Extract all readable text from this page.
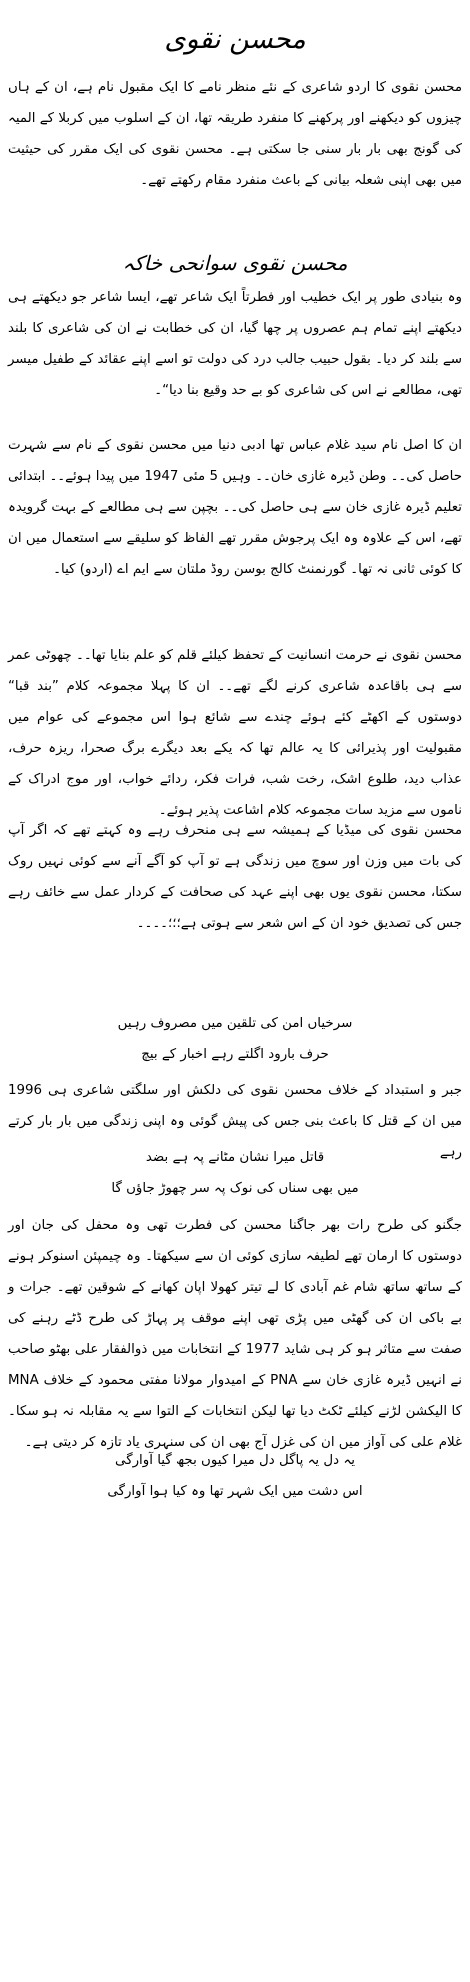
محسن نقوی

محسن نقوی کا اردو شاعری کے نئے منظر نامے کا ایک مقبول نام ہے، ان کے ہاں چیزوں کو دیکھنے اور پرکھنے کا منفرد طریقہ تھا، ان کے اسلوب میں کربلا کے المیہ کی گونج بھی بار بار سنی جا سکتی ہے۔ محسن نقوی کی ایک مقرر کی حیثیت میں بھی اپنی شعلہ بیانی کے باعث منفرد مقام رکھتے تھے۔

محسن نقوی سوانحی خاکہ

وہ بنیادی طور پر ایک خطیب اور فطرتاً ایک شاعر تھے، ایسا شاعر جو دیکھتے ہی دیکھتے اپنے تمام ہم عصروں پر چھا گیا، ان کی خطابت نے ان کی شاعری کا بلند سے بلند کر دیا۔ بقول حبیب جالب درد کی دولت تو اسے اپنے عقائد کے طفیل میسر تھی، مطالعے نے اس کی شاعری کو بے حد وقیع بنا دیا“۔

ان کا اصل نام سید غلام عباس تھا ادبی دنیا میں محسن نقوی کے نام سے شہرت حاصل کی۔۔ وطن ڈیرہ غازی خان۔۔ وہیں 5 مئی 1947 میں پیدا ہوئے۔۔ ابتدائی تعلیم ڈیرہ غازی خان سے ہی حاصل کی۔۔ بچپن سے ہی مطالعے کے بہت گرویدہ تھے، اس کے علاوہ وہ ایک پرجوش مقرر تھے الفاظ کو سلیقے سے استعمال میں ان کا کوئی ثانی نہ تھا۔ گورنمنٹ کالج بوسن روڈ ملتان سے ایم اے (اردو) کیا۔

محسن نقوی نے حرمت انسانیت کے تحفظ کیلئے قلم کو علم بنایا تھا۔۔ چھوٹی عمر سے ہی باقاعدہ شاعری کرنے لگے تھے۔۔ ان کا پہلا مجموعہ کلام ”بند قبا“ دوستوں کے اکھٹے کئے ہوئے چندے سے شائع ہوا اس مجموعے کی عوام میں مقبولیت اور پذیرائی کا یہ عالم تھا کہ یکے بعد دیگرے برگ صحرا، ریزہ حرف، عذاب دید، طلوع اشک، رخت شب، فرات فکر، ردائے خواب، اور موج ادراک کے ناموں سے مزید سات مجموعہ کلام اشاعت پذیر ہوئے۔

محسن نقوی کی میڈیا کے ہمیشہ سے ہی منحرف رہے وہ کہتے تھے کہ اگر آپ کی بات میں وزن اور سوچ میں زندگی ہے تو آپ کو آگے آنے سے کوئی نہیں روک سکتا، محسن نقوی یوں بھی اپنے عہد کی صحافت کے کردار عمل سے خائف رہے جس کی تصدیق خود ان کے اس شعر سے ہوتی ہے؛؛؛۔۔۔۔

سرخیاں امن کی تلقین میں مصروف رہیں
حرف بارود اگلتے رہے اخبار کے بیچ

جبر و استبداد کے خلاف محسن نقوی کی دلکش اور سلگتی شاعری ہی 1996 میں ان کے قتل کا باعث بنی جس کی پیش گوئی وہ اپنی زندگی میں بار بار کرتے رہے

قاتل میرا نشان مٹانے پہ ہے بضد
میں بھی سناں کی نوک پہ سر چھوڑ جاؤں گا

جگنو کی طرح رات بھر جاگنا محسن کی فطرت تھی وہ محفل کی جان اور دوستوں کا ارمان تھے لطیفہ سازی کوئی ان سے سیکھتا۔ وہ چیمپئن اسنوکر ہونے کے ساتھ ساتھ شام غم آبادی کا لے تیتر کھولا اپان کھانے کے شوقین تھے۔ جرات و بے باکی ان کی گھٹی میں پڑی تھی اپنے موقف پر پہاڑ کی طرح ڈٹے رہنے کی صفت سے متاثر ہو کر ہی شاید 1977 کے انتخابات میں ذوالفقار علی بھٹو صاحب نے انہیں ڈیرہ غازی خان سے PNA کے امیدوار مولانا مفتی محمود کے خلاف MNA کا الیکشن لڑنے کیلئے ٹکٹ دیا تھا لیکن انتخابات کے التوا سے یہ مقابلہ نہ ہو سکا۔ غلام علی کی آواز میں ان کی غزل آج بھی ان کی سنہری یاد تازہ کر دیتی ہے۔

یہ دل یہ پاگل دل میرا کیوں بجھ گیا آوارگی
اس دشت میں ایک شہر تھا وہ کیا ہوا آوارگی
